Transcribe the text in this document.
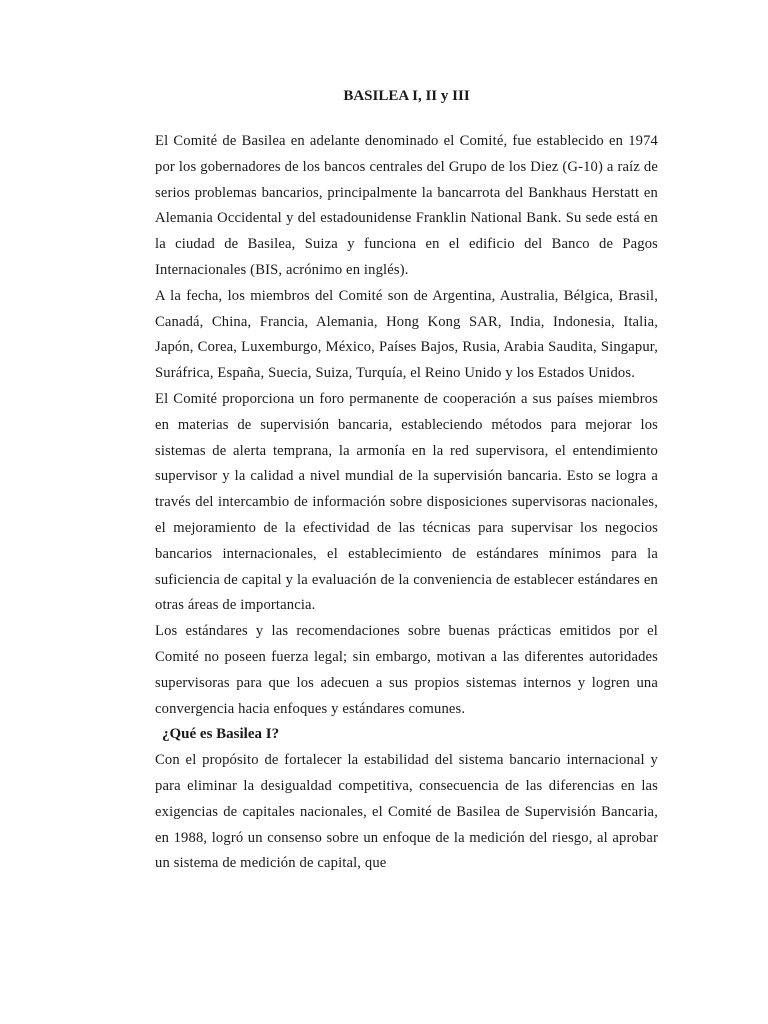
BASILEA I, II y III

El Comité de Basilea en adelante denominado el Comité, fue establecido en 1974 por los gobernadores de los bancos centrales del Grupo de los Diez (G-10) a raíz de serios problemas bancarios, principalmente la bancarrota del Bankhaus Herstatt en Alemania Occidental y del estadounidense Franklin National Bank. Su sede está en la ciudad de Basilea, Suiza y funciona en el edificio del Banco de Pagos Internacionales (BIS, acrónimo en inglés).

A la fecha, los miembros del Comité son de Argentina, Australia, Bélgica, Brasil, Canadá, China, Francia, Alemania, Hong Kong SAR, India, Indonesia, Italia, Japón, Corea, Luxemburgo, México, Países Bajos, Rusia, Arabia Saudita, Singapur, Suráfrica, España, Suecia, Suiza, Turquía, el Reino Unido y los Estados Unidos.

El Comité proporciona un foro permanente de cooperación a sus países miembros en materias de supervisión bancaria, estableciendo métodos para mejorar los sistemas de alerta temprana, la armonía en la red supervisora, el entendimiento supervisor y la calidad a nivel mundial de la supervisión bancaria. Esto se logra a través del intercambio de información sobre disposiciones supervisoras nacionales, el mejoramiento de la efectividad de las técnicas para supervisar los negocios bancarios internacionales, el establecimiento de estándares mínimos para la suficiencia de capital y la evaluación de la conveniencia de establecer estándares en otras áreas de importancia.

Los estándares y las recomendaciones sobre buenas prácticas emitidos por el Comité no poseen fuerza legal; sin embargo, motivan a las diferentes autoridades supervisoras para que los adecuen a sus propios sistemas internos y logren una convergencia hacia enfoques y estándares comunes.

¿Qué es Basilea I?

Con el propósito de fortalecer la estabilidad del sistema bancario internacional y para eliminar la desigualdad competitiva, consecuencia de las diferencias en las exigencias de capitales nacionales, el Comité de Basilea de Supervisión Bancaria, en 1988, logró un consenso sobre un enfoque de la medición del riesgo, al aprobar un sistema de medición de capital, que
